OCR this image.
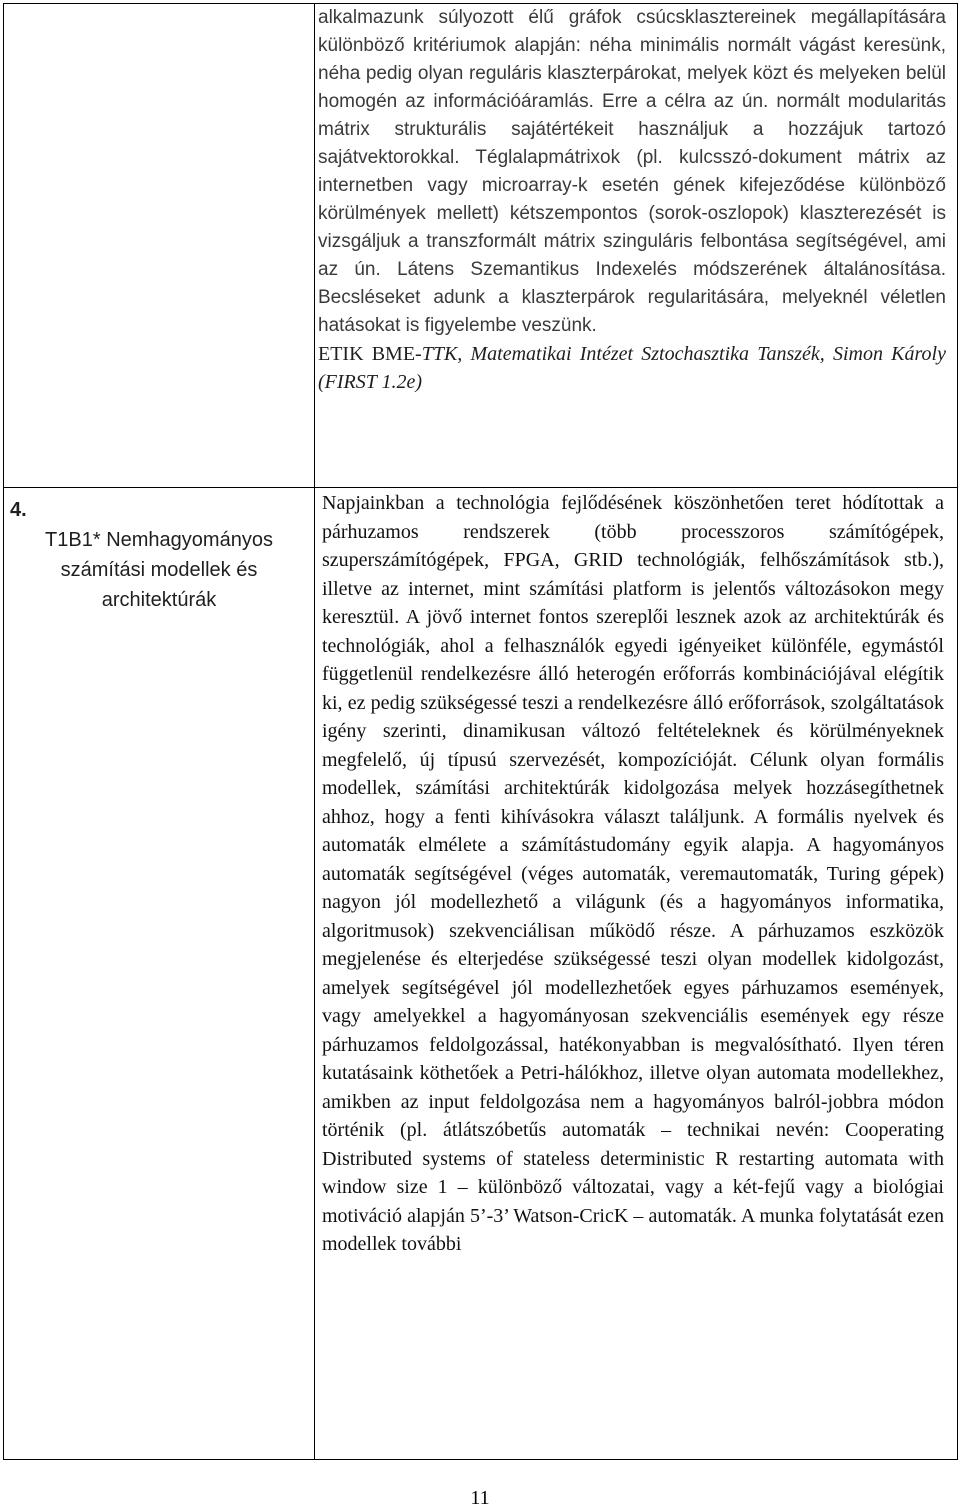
4.
T1B1* Nemhagyományos számítási modellek és architektúrák

alkalmazunk súlyozott élű gráfok csúcsklasztereinek megállapítására különböző kritériumok alapján: néha minimális normált vágást keresünk, néha pedig olyan reguláris klaszterpárokat, melyek közt és melyeken belül homogén az információáramlás. Erre a célra az ún. normált modularitás mátrix strukturális sajátértékeit használjuk a hozzájuk tartozó sajátvektorokkal. Téglalapmátrixok (pl. kulcsszó-dokument mátrix az internetben vagy microarray-k esetén gének kifejeződése különböző körülmények mellett) kétszempontos (sorok-oszlopok) klaszterezését is vizsgáljuk a transzformált mátrix szinguláris felbontása segítségével, ami az ún. Látens Szemantikus Indexelés módszerének általánosítása. Becsléseket adunk a klaszterpárok regularitására, melyeknél véletlen hatásokat is figyelembe veszünk.

ETIK BME-TTK, Matematikai Intézet Sztochasztika Tanszék, Simon Károly (FIRST 1.2e)

Napjainkban a technológia fejlődésének köszönhetően teret hódítottak a párhuzamos rendszerek (több processzoros számítógépek, szuperszámítógépek, FPGA, GRID technológiák, felhőszámítások stb.), illetve az internet, mint számítási platform is jelentős változásokon megy keresztül. A jövő internet fontos szereplői lesznek azok az architektúrák és technológiák, ahol a felhasználók egyedi igényeiket különféle, egymástól függetlenül rendelkezésre álló heterogén erőforrás kombinációjával elégítik ki, ez pedig szükségessé teszi a rendelkezésre álló erőforrások, szolgáltatások igény szerinti, dinamikusan változó feltételeknek és körülményeknek megfelelő, új típusú szervezését, kompozícióját. Célunk olyan formális modellek, számítási architektúrák kidolgozása melyek hozzásegíthetnek ahhoz, hogy a fenti kihívásokra választ találjunk. A formális nyelvek és automaták elmélete a számítástudomány egyik alapja. A hagyományos automaták segítségével (véges automaták, veremautomaták, Turing gépek) nagyon jól modellezhető a világunk (és a hagyományos informatika, algoritmusok) szekvenciálisan működő része. A párhuzamos eszközök megjelenése és elterjedése szükségessé teszi olyan modellek kidolgozást, amelyek segítségével jól modellezhetőek egyes párhuzamos események, vagy amelyekkel a hagyományosan szekvenciális események egy része párhuzamos feldolgozással, hatékonyabban is megvalósítható. Ilyen téren kutatásaink köthetőek a Petri-hálókhoz, illetve olyan automata modellekhez, amikben az input feldolgozása nem a hagyományos balról-jobbra módon történik (pl. átlátszóbetűs automaták – technikai nevén: Cooperating Distributed systems of stateless deterministic R restarting automata with window size 1 – különböző változatai, vagy a két-fejű vagy a biológiai motiváció alapján 5’-3’ Watson-CricK – automaták. A munka folytatását ezen modellek további

11
